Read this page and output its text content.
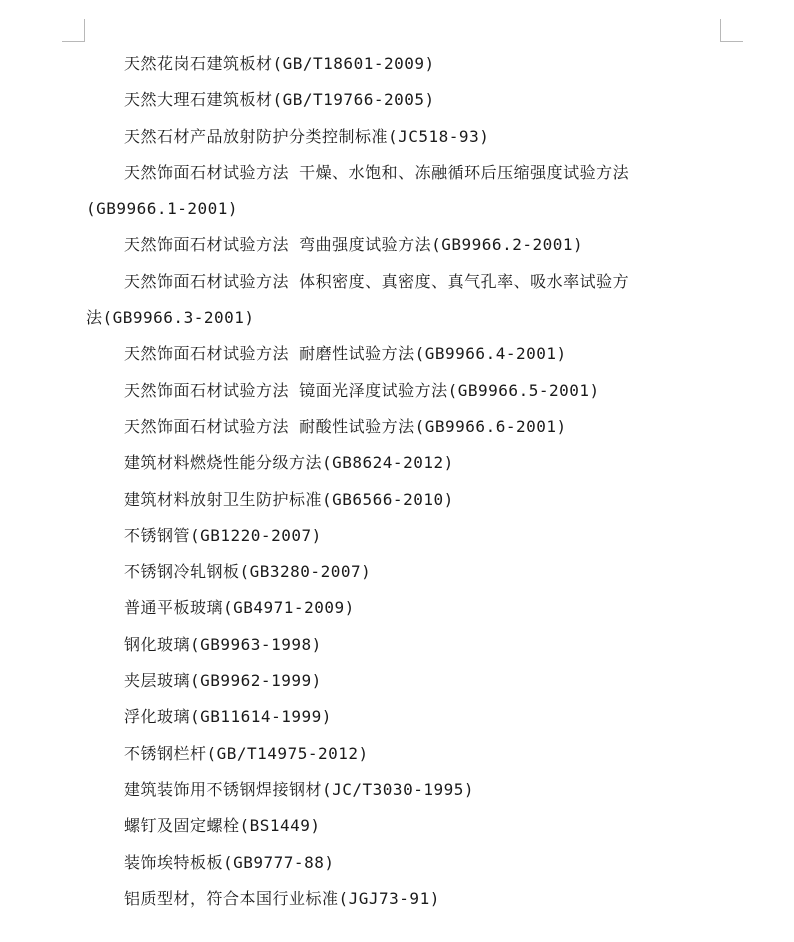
天然花岗石建筑板材(GB/T18601-2009)
天然大理石建筑板材(GB/T19766-2005)
天然石材产品放射防护分类控制标准(JC518-93)
天然饰面石材试验方法 干燥、水饱和、冻融循环后压缩强度试验方法
(GB9966.1-2001)
天然饰面石材试验方法 弯曲强度试验方法(GB9966.2-2001)
天然饰面石材试验方法 体积密度、真密度、真气孔率、吸水率试验方
法(GB9966.3-2001)
天然饰面石材试验方法 耐磨性试验方法(GB9966.4-2001)
天然饰面石材试验方法 镜面光泽度试验方法(GB9966.5-2001)
天然饰面石材试验方法 耐酸性试验方法(GB9966.6-2001)
建筑材料燃烧性能分级方法(GB8624-2012)
建筑材料放射卫生防护标准(GB6566-2010)
不锈钢管(GB1220-2007)
不锈钢冷轧钢板(GB3280-2007)
普通平板玻璃(GB4971-2009)
钢化玻璃(GB9963-1998)
夹层玻璃(GB9962-1999)
浮化玻璃(GB11614-1999)
不锈钢栏杆(GB/T14975-2012)
建筑装饰用不锈钢焊接钢材(JC/T3030-1995)
螺钉及固定螺栓(BS1449)
装饰埃特板板(GB9777-88)
铝质型材，符合本国行业标准(JGJ73-91)
